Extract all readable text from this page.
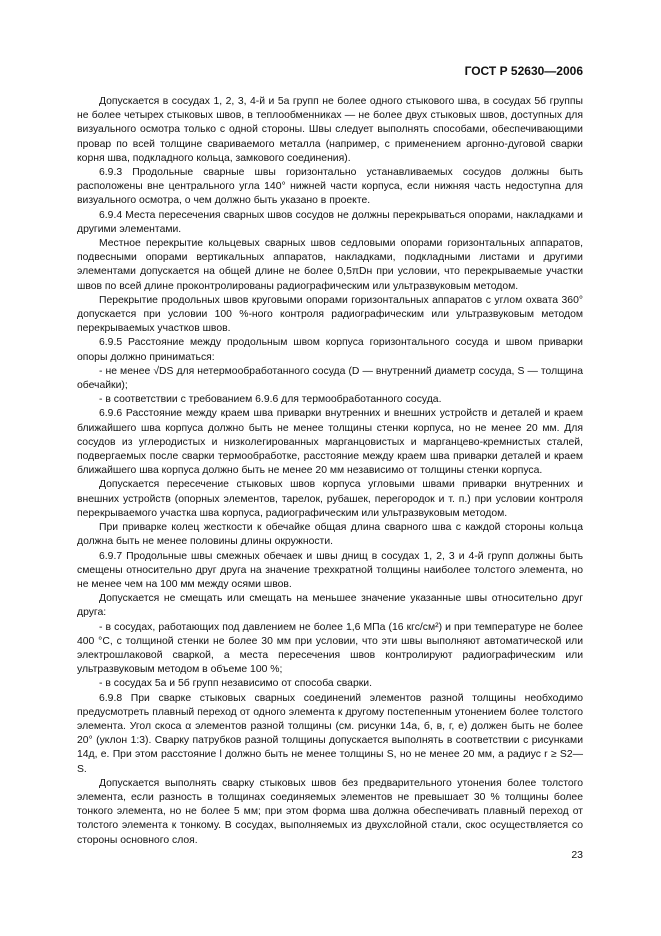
ГОСТ Р 52630—2006

Допускается в сосудах 1, 2, 3, 4-й и 5а групп не более одного стыкового шва, в сосудах 5б группы не более четырех стыковых швов, в теплообменниках — не более двух стыковых швов, доступных для визуального осмотра только с одной стороны. Швы следует выполнять способами, обеспечивающими провар по всей толщине свариваемого металла (например, с применением аргонно-дуговой сварки корня шва, подкладного кольца, замкового соединения).

6.9.3 Продольные сварные швы горизонтально устанавливаемых сосудов должны быть расположены вне центрального угла 140° нижней части корпуса, если нижняя часть недоступна для визуального осмотра, о чем должно быть указано в проекте.

6.9.4 Места пересечения сварных швов сосудов не должны перекрываться опорами, накладками и другими элементами.

Местное перекрытие кольцевых сварных швов седловыми опорами горизонтальных аппаратов, подвесными опорами вертикальных аппаратов, накладками, подкладными листами и другими элементами допускается на общей длине не более 0,5πDн при условии, что перекрываемые участки швов по всей длине проконтролированы радиографическим или ультразвуковым методом.

Перекрытие продольных швов круговыми опорами горизонтальных аппаратов с углом охвата 360° допускается при условии 100 %-ного контроля радиографическим или ультразвуковым методом перекрываемых участков швов.

6.9.5 Расстояние между продольным швом корпуса горизонтального сосуда и швом приварки опоры должно приниматься:

- не менее √DS для нетермообработанного сосуда (D — внутренний диаметр сосуда, S — толщина обечайки);

- в соответствии с требованием 6.9.6 для термообработанного сосуда.

6.9.6 Расстояние между краем шва приварки внутренних и внешних устройств и деталей и краем ближайшего шва корпуса должно быть не менее толщины стенки корпуса, но не менее 20 мм. Для сосудов из углеродистых и низколегированных марганцовистых и марганцево-кремнистых сталей, подвергаемых после сварки термообработке, расстояние между краем шва приварки деталей и краем ближайшего шва корпуса должно быть не менее 20 мм независимо от толщины стенки корпуса.

Допускается пересечение стыковых швов корпуса угловыми швами приварки внутренних и внешних устройств (опорных элементов, тарелок, рубашек, перегородок и т. п.) при условии контроля перекрываемого участка шва корпуса, радиографическим или ультразвуковым методом.

При приварке колец жесткости к обечайке общая длина сварного шва с каждой стороны кольца должна быть не менее половины длины окружности.

6.9.7 Продольные швы смежных обечаек и швы днищ в сосудах 1, 2, 3 и 4-й групп должны быть смещены относительно друг друга на значение трехкратной толщины наиболее толстого элемента, но не менее чем на 100 мм между осями швов.

Допускается не смещать или смещать на меньшее значение указанные швы относительно друг друга:

- в сосудах, работающих под давлением не более 1,6 МПа (16 кгс/см²) и при температуре не более 400 °С, с толщиной стенки не более 30 мм при условии, что эти швы выполняют автоматической или электрошлаковой сваркой, а места пересечения швов контролируют радиографическим или ультразвуковым методом в объеме 100 %;

- в сосудах 5а и 5б групп независимо от способа сварки.

6.9.8 При сварке стыковых сварных соединений элементов разной толщины необходимо предусмотреть плавный переход от одного элемента к другому постепенным утонением более толстого элемента. Угол скоса α элементов разной толщины (см. рисунки 14а, б, в, г, е) должен быть не более 20° (уклон 1:3). Сварку патрубков разной толщины допускается выполнять в соответствии с рисунками 14д, е. При этом расстояние l должно быть не менее толщины S, но не менее 20 мм, а радиус r ≥ S2—S.

Допускается выполнять сварку стыковых швов без предварительного утонения более толстого элемента, если разность в толщинах соединяемых элементов не превышает 30 % толщины более тонкого элемента, но не более 5 мм; при этом форма шва должна обеспечивать плавный переход от толстого элемента к тонкому. В сосудах, выполняемых из двухслойной стали, скос осуществляется со стороны основного слоя.

23
